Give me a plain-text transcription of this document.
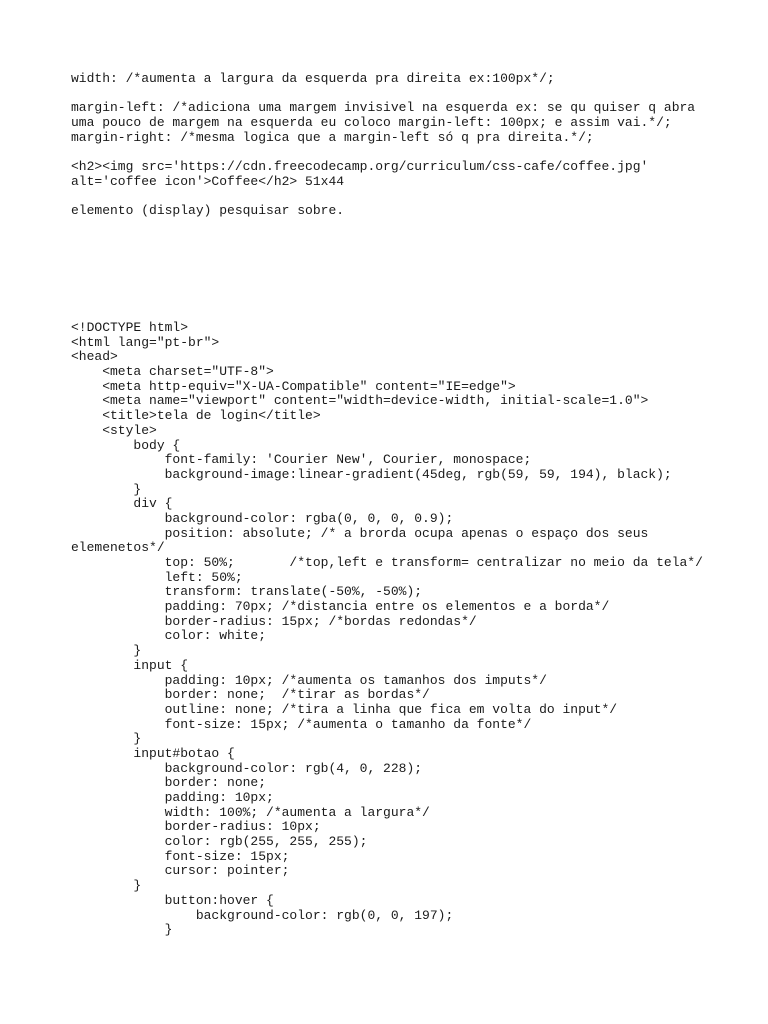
width: /*aumenta a largura da esquerda pra direita ex:100px*/;
margin-left: /*adiciona uma margem invisivel na esquerda ex: se qu quiser q abra
uma pouco de margem na esquerda eu coloco margin-left: 100px; e assim vai.*/;
margin-right: /*mesma logica que a margin-left só q pra direita.*/;
<h2><img src='https://cdn.freecodecamp.org/curriculum/css-cafe/coffee.jpg'
alt='coffee icon'>Coffee</h2> 51x44
elemento (display) pesquisar sobre.
<!DOCTYPE html>
<html lang="pt-br">
<head>
<meta charset="UTF-8">
<meta http-equiv="X-UA-Compatible" content="IE=edge">
<meta name="viewport" content="width=device-width, initial-scale=1.0">
<title>tela de login</title>
<style>
body {
font-family: 'Courier New', Courier, monospace;
background-image:linear-gradient(45deg, rgb(59, 59, 194), black);
}
div {
background-color: rgba(0, 0, 0, 0.9);
position: absolute; /* a brorda ocupa apenas o espaço dos seus
elemenetos*/
top: 50%;       /*top,left e transform= centralizar no meio da tela*/
left: 50%;
transform: translate(-50%, -50%);
padding: 70px; /*distancia entre os elementos e a borda*/
border-radius: 15px; /*bordas redondas*/
color: white;
}
input {
padding: 10px; /*aumenta os tamanhos dos imputs*/
border: none;  /*tirar as bordas*/
outline: none; /*tira a linha que fica em volta do input*/
font-size: 15px; /*aumenta o tamanho da fonte*/
}
input#botao {
background-color: rgb(4, 0, 228);
border: none;
padding: 10px;
width: 100%; /*aumenta a largura*/
border-radius: 10px;
color: rgb(255, 255, 255);
font-size: 15px;
cursor: pointer;
}
button:hover {
background-color: rgb(0, 0, 197);
}
